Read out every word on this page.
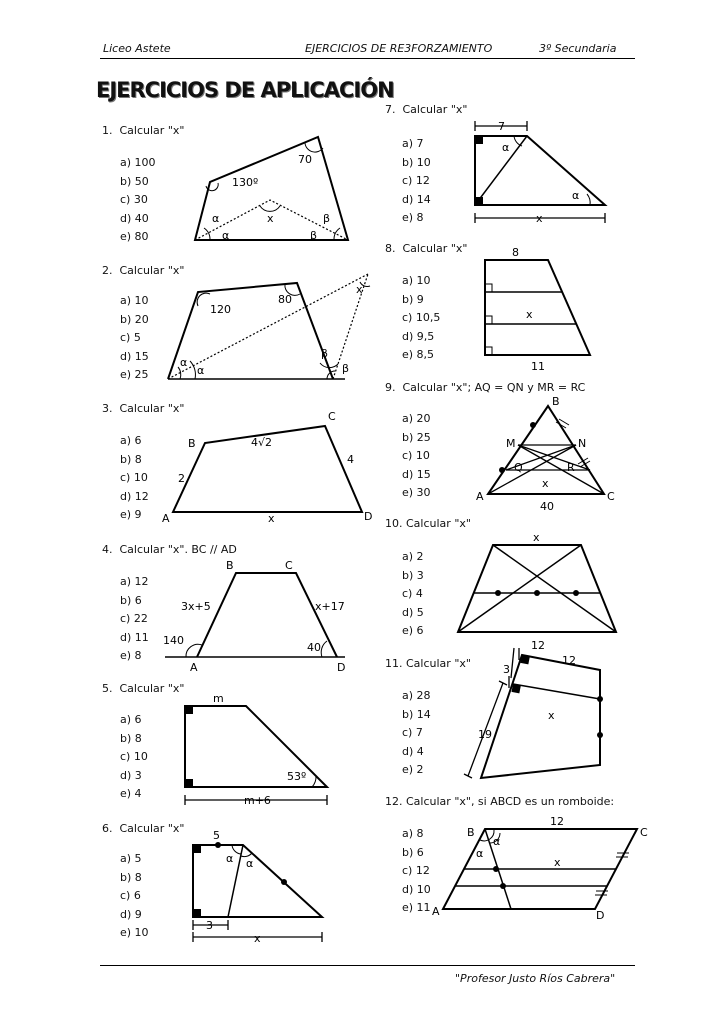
Liceo Astete	EJERCICIOS DE RE3FORZAMIENTO	3º Secundaria
EJERCICIOS DE APLICACIÓN
1. Calcular "x"
a) 100
b) 50
c) 30
d) 40
e) 80
70
130º
x
α
α
β
β
2. Calcular "x"
a) 10
b) 20
c) 5
d) 15
e) 25
120
80
x
α
α
β
β
3. Calcular "x"
a) 6
b) 8
c) 10
d) 12
e) 9	A
B
C
D
4√2
2
4
x
4. Calcular "x". BC // AD
a) 12
b) 6
c) 22
d) 11
e) 8
B	C
A	D
3x+5	x+17
140
40
5. Calcular "x"
a) 6
b) 8
c) 10
d) 3
e) 4
m
53º
m+6
6. Calcular "x"
a) 5
b) 8
c) 6
d) 9
e) 10
5
3
x
α α
7. Calcular "x"
a) 7
b) 10
c) 12
d) 14
e) 8
7
x
α
α
8. Calcular "x"
a) 10
b) 9
c) 10,5
d) 9,5
e) 8,5
8
x
11
9. Calcular "x"; AQ = QN y MR = RC
a) 20
b) 25
c) 10
d) 15
e) 30
B
M	N
Q	R
x
A	C
40
10. Calcular "x"
a) 2
b) 3
c) 4
d) 5
e) 6
x
11. Calcular "x"
a) 28
b) 14
c) 7
d) 4
e) 2
12
12
3
19
x
12. Calcular "x", si ABCD es un romboide:
a) 8
b) 6
c) 12
d) 10
e) 11
B	C
A	D
12
x
α
α
"Profesor Justo Ríos Cabrera"
